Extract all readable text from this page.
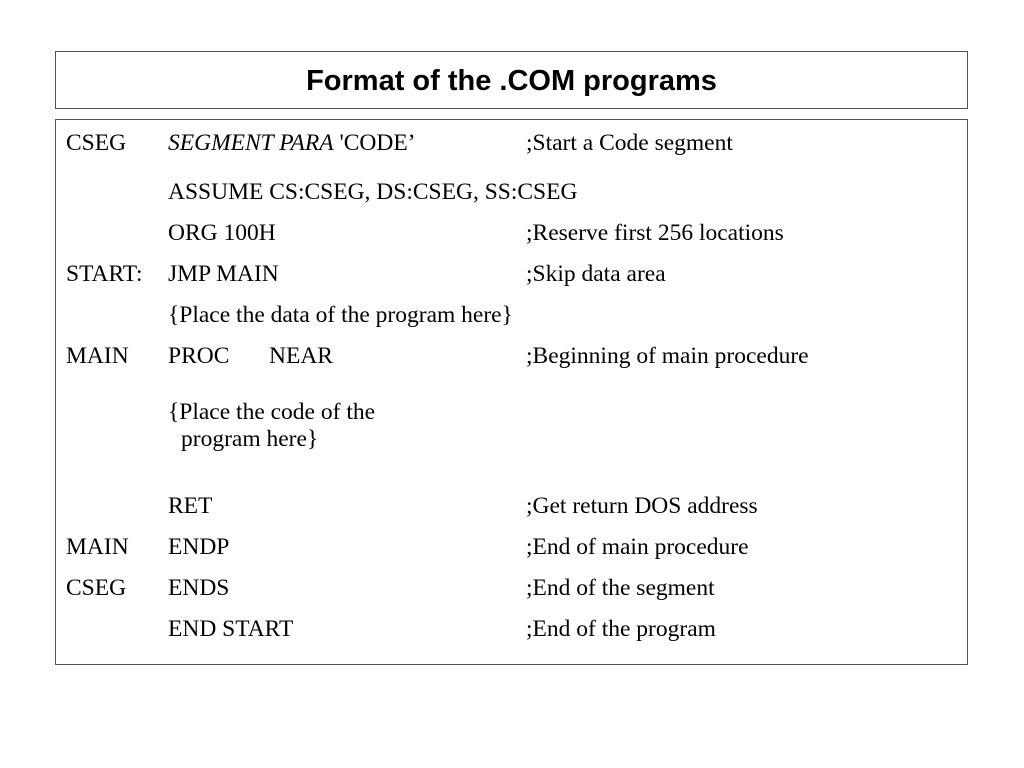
Format of the .COM programs
CSEG SEGMENT PARA 'CODE’	;Start a Code segment
ASSUME CS:CSEG, DS:CSEG, SS:CSEG
ORG 100H	;Reserve first 256 locations
START: JMP MAIN	;Skip data area
{Place the data of the program here}
MAIN PROC NEAR	;Beginning of main procedure
{Place the code of the
program here}
RET	;Get return DOS address
MAIN ENDP	;End of main procedure
CSEG ENDS	;End of the segment
END START	;End of the program
